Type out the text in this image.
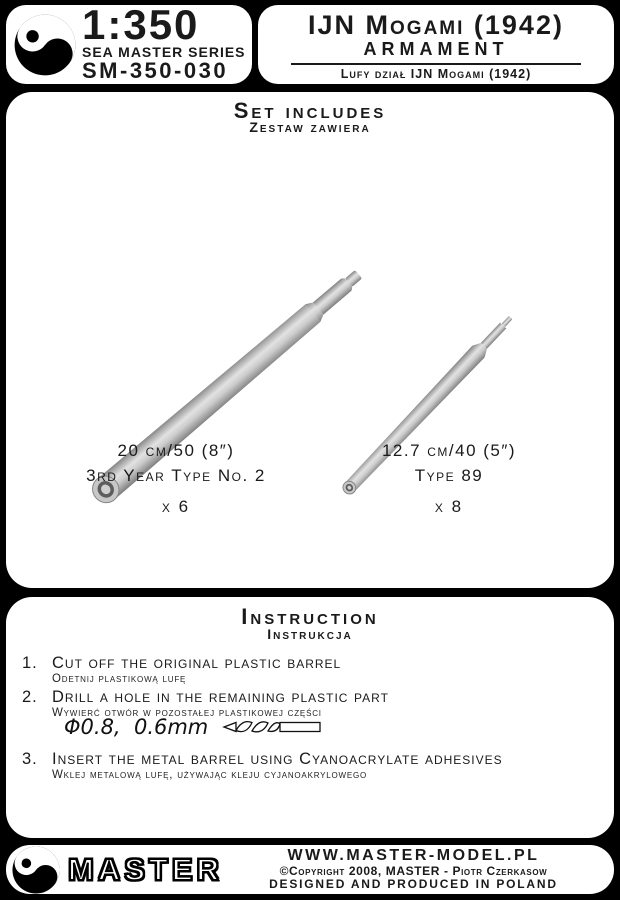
1:350
SEA MASTER SERIES
SM-350-030
IJN Mogami (1942)
ARMAMENT
Lufy dział IJN Mogami (1942)
Set includes
Zestaw zawiera
20 cm/50 (8″)
3rd Year Type No. 2
x 6
12.7 cm/40 (5″)
Type 89
x 8
Instruction
Instrukcja
1. Cut off the original plastic barrel
Odetnij plastikową lufę
2. Drill a hole in the remaining plastic part
Wywierć otwór w pozostałej plastikowej części
Φ0.8,  0.6mm
3. Insert the metal barrel using Cyanoacrylate adhesives
Wklej metalową lufę, używając kleju cyjanoakrylowego
MASTER	WWW.MASTER-MODEL.PL
©Copyright 2008, MASTER - Piotr Czerkasow
DESIGNED AND PRODUCED IN POLAND
